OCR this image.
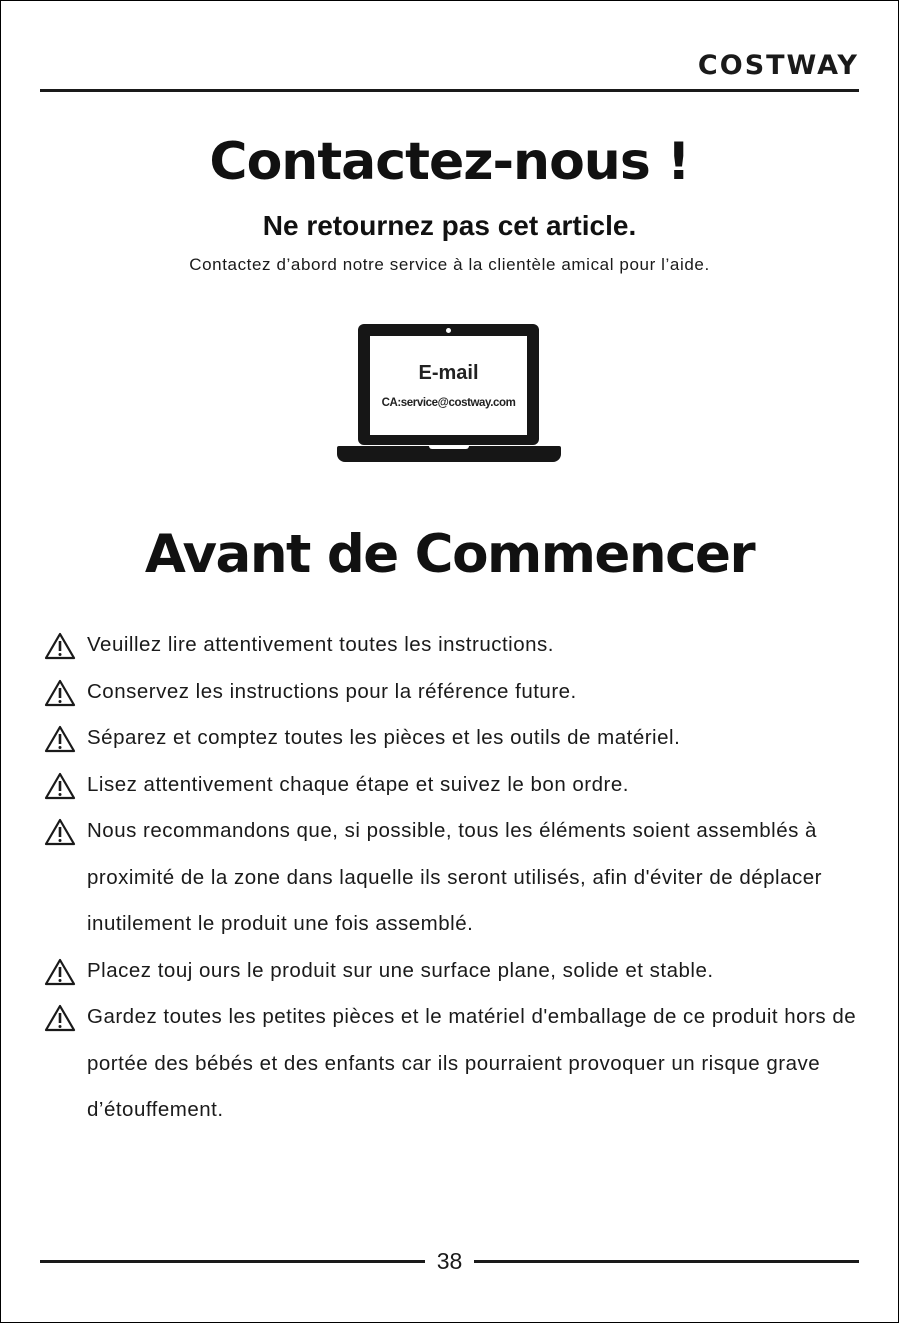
COSTWAY
Contactez-nous !
Ne retournez pas cet article.
Contactez d’abord notre service à la clientèle amical pour l’aide.
E-mail
CA:service@costway.com
Avant de Commencer
Veuillez lire attentivement toutes les instructions.
Conservez les instructions pour la référence future.
Séparez et comptez toutes les pièces et les outils de matériel.
Lisez attentivement chaque étape et suivez le bon ordre.
Nous recommandons que, si possible, tous les éléments soient assemblés à proximité de la zone dans laquelle ils seront utilisés, afin d'éviter de déplacer inutilement le produit une fois assemblé.
Placez touj ours le produit sur une surface plane, solide et stable.
Gardez toutes les petites pièces et le matériel d'emballage de ce produit hors de portée des bébés et des enfants car ils pourraient provoquer un risque grave d’étouffement.
38
